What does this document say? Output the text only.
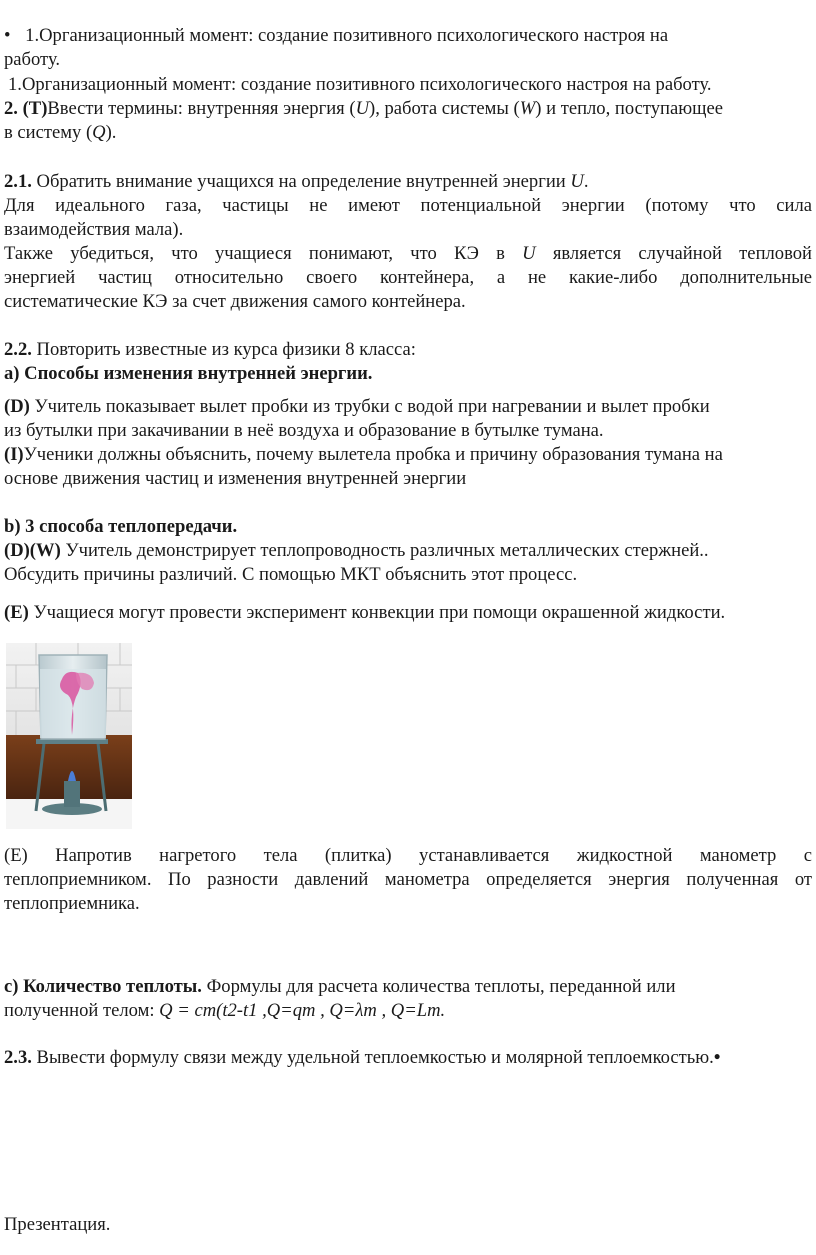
• 1.Организационный момент: создание позитивного психологического настроя на
работу.
1.Организационный момент: создание позитивного психологического настроя на работу.
2. (Т)Ввести термины: внутренняя энергия (U), работа системы (W) и тепло, поступающее
в систему (Q).
2.1. Обратить внимание учащихся на определение внутренней энергии U.
Для идеального газа, частицы не имеют потенциальной энергии (потому что сила
взаимодействия мала).
Также убедиться, что учащиеся понимают, что КЭ в U является случайной тепловой
энергией частиц относительно своего контейнера, а не какие-либо дополнительные
систематические КЭ за счет движения самого контейнера.
2.2. Повторить известные из курса физики 8 класса:
а) Способы изменения внутренней энергии.
(D) Учитель показывает вылет пробки из трубки с водой при нагревании и вылет пробки
из бутылки при закачивании в неё воздуха и образование в бутылке тумана.
(I)Ученики должны объяснить, почему вылетела пробка и причину образования тумана на
основе движения частиц и изменения внутренней энергии
b) 3 способа теплопередачи.
(D)(W) Учитель демонстрирует теплопроводность различных металлических стержней..
Обсудить причины различий. С помощью МКТ объяснить этот процесс.
(E) Учащиеся могут провести эксперимент конвекции при помощи окрашенной жидкости.
(Е) Напротив нагретого тела (плитка) устанавливается жидкостной манометр с
теплоприемником. По разности давлений манометра определяется энергия полученная от
теплоприемника.
c) Количество теплоты. Формулы для расчета количества теплоты, переданной или
полученной телом: Q = cm(t2-t1 ,Q=qm , Q=λm , Q=Lm.
2.3. Вывести формулу связи между удельной теплоемкостью и молярной теплоемкостью.•
Презентация.
